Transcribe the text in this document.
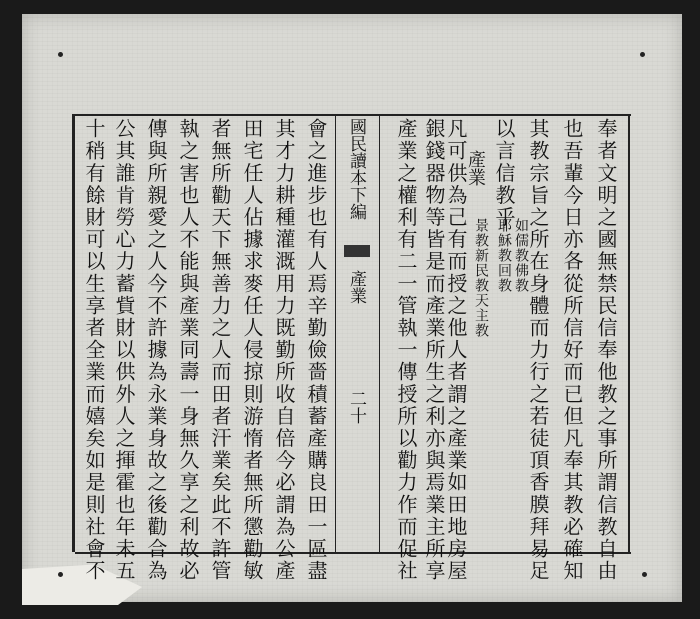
國民讀本下編
產業
二十	奉者文明之國無禁民信奉他教之事所謂信教自由
也吾輩今日亦各從所信好而已但凡奉其教必確知
其教宗旨之所在身體而力行之若徒頂香膜拜易足
以言信教乎
產業
如儒教佛教
耶穌教回教
景教新民教天主教
凡可供為己有而授之他人者謂之產業如田地房屋
銀錢器物等皆是而產業所生之利亦與焉業主所享
會之進步也有人焉辛勤儉嗇積蓄產購良田一區盡
其才力耕種灌溉用力既勤所收自倍今必謂為公產
田宅任人佔據求麥任人侵掠則游惰者無所懲勸敏
者無所勸天下無善力之人而田者汗業矣此不許管
執之害也人不能與產業同壽一身無久享之利故必
傳與所親愛之人今不許據為永業身故之後勸合為
公其誰肯勞心力蓄貲財以供外人之揮霍也年未五
十稍有餘財可以生享者全業而嬉矣如是則社會不	產業之權利有二一管執一傳授所以勸力作而促社
